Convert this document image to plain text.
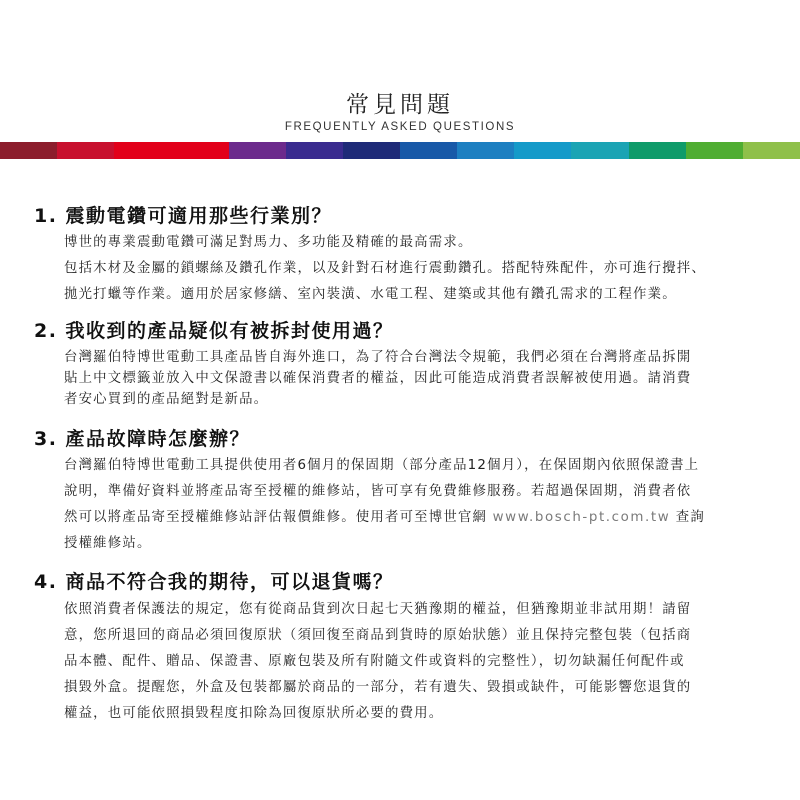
常見問題
FREQUENTLY ASKED QUESTIONS
1. 震動電鑽可適用那些行業別？
博世的專業震動電鑽可滿足對馬力、多功能及精確的最高需求。
包括木材及金屬的鎖螺絲及鑽孔作業，以及針對石材進行震動鑽孔。搭配特殊配件，亦可進行攪拌、
拋光打蠟等作業。適用於居家修繕、室內裝潢、水電工程、建築或其他有鑽孔需求的工程作業。
2. 我收到的產品疑似有被拆封使用過？
台灣羅伯特博世電動工具產品皆自海外進口，為了符合台灣法令規範，我們必須在台灣將產品拆開
貼上中文標籤並放入中文保證書以確保消費者的權益，因此可能造成消費者誤解被使用過。請消費
者安心買到的產品絕對是新品。
3. 產品故障時怎麼辦？
台灣羅伯特博世電動工具提供使用者6個月的保固期（部分產品12個月），在保固期內依照保證書上
說明，準備好資料並將產品寄至授權的維修站，皆可享有免費維修服務。若超過保固期，消費者依
然可以將產品寄至授權維修站評估報價維修。使用者可至博世官網 www.bosch-pt.com.tw 查詢
授權維修站。
4. 商品不符合我的期待，可以退貨嗎？
依照消費者保護法的規定，您有從商品貨到次日起七天猶豫期的權益，但猶豫期並非試用期！請留
意，您所退回的商品必須回復原狀（須回復至商品到貨時的原始狀態）並且保持完整包裝（包括商
品本體、配件、贈品、保證書、原廠包裝及所有附隨文件或資料的完整性），切勿缺漏任何配件或
損毀外盒。提醒您，外盒及包裝都屬於商品的一部分，若有遺失、毀損或缺件，可能影響您退貨的
權益，也可能依照損毀程度扣除為回復原狀所必要的費用。
